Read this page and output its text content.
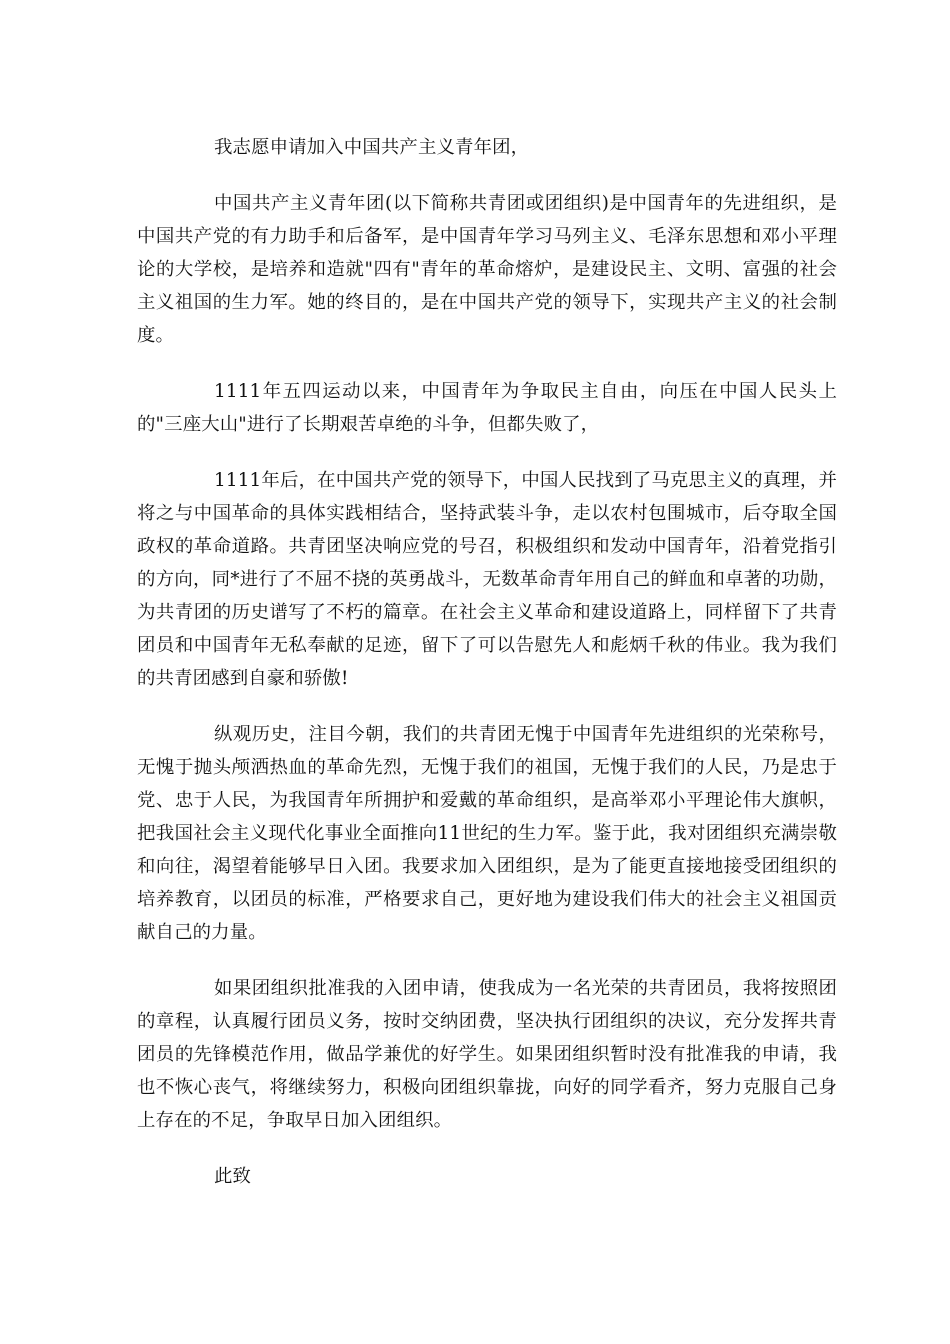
我志愿申请加入中国共产主义青年团，

中国共产主义青年团(以下简称共青团或团组织)是中国青年的先进组织，是中国共产党的有力助手和后备军，是中国青年学习马列主义、毛泽东思想和邓小平理论的大学校，是培养和造就"四有"青年的革命熔炉，是建设民主、文明、富强的社会主义祖国的生力军。她的终目的，是在中国共产党的领导下，实现共产主义的社会制度。

1111年五四运动以来，中国青年为争取民主自由，向压在中国人民头上的"三座大山"进行了长期艰苦卓绝的斗争，但都失败了，

1111年后，在中国共产党的领导下，中国人民找到了马克思主义的真理，并将之与中国革命的具体实践相结合，坚持武装斗争，走以农村包围城市，后夺取全国政权的革命道路。共青团坚决响应党的号召，积极组织和发动中国青年，沿着党指引的方向，同*进行了不屈不挠的英勇战斗，无数革命青年用自己的鲜血和卓著的功勋，为共青团的历史谱写了不朽的篇章。在社会主义革命和建设道路上，同样留下了共青团员和中国青年无私奉献的足迹，留下了可以告慰先人和彪炳千秋的伟业。我为我们的共青团感到自豪和骄傲!

纵观历史，注目今朝，我们的共青团无愧于中国青年先进组织的光荣称号，无愧于抛头颅洒热血的革命先烈，无愧于我们的祖国，无愧于我们的人民，乃是忠于党、忠于人民，为我国青年所拥护和爱戴的革命组织，是高举邓小平理论伟大旗帜，把我国社会主义现代化事业全面推向11世纪的生力军。鉴于此，我对团组织充满崇敬和向往，渴望着能够早日入团。我要求加入团组织，是为了能更直接地接受团组织的培养教育，以团员的标准，严格要求自己，更好地为建设我们伟大的社会主义祖国贡献自己的力量。

如果团组织批准我的入团申请，使我成为一名光荣的共青团员，我将按照团的章程，认真履行团员义务，按时交纳团费，坚决执行团组织的决议，充分发挥共青团员的先锋模范作用，做品学兼优的好学生。如果团组织暂时没有批准我的申请，我也不恢心丧气，将继续努力，积极向团组织靠拢，向好的同学看齐，努力克服自己身上存在的不足，争取早日加入团组织。

此致
